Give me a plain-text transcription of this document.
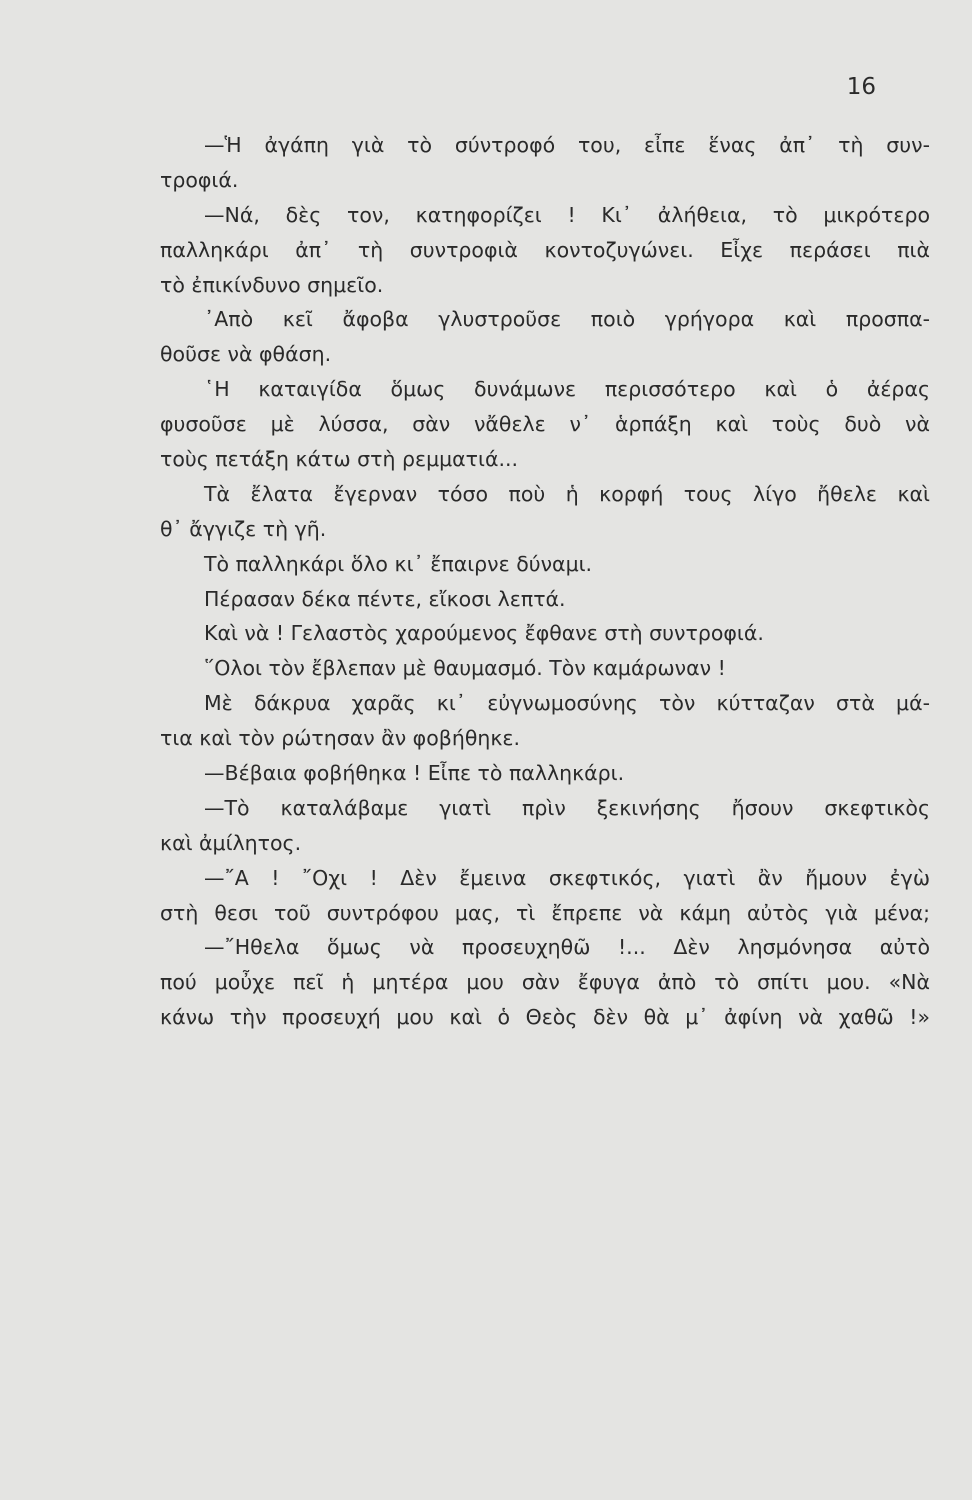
16
—Ἡ ἀγάπη γιὰ τὸ σύντροφό του, εἶπε ἕνας ἀπ᾿ τὴ συν-
τροφιά.
—Νά, δὲς τον, κατηφορίζει ! Κι᾿ ἀλήθεια, τὸ μικρότερο
παλληκάρι ἀπ᾿ τὴ συντροφιὰ κοντοζυγώνει. Εἶχε περάσει πιὰ
τὸ ἐπικίνδυνο σημεῖο.
᾿Απὸ κεῖ ἄφοβα γλυστροῦσε ποιὸ γρήγορα καὶ προσπα-
θοῦσε νὰ φθάση.
῾Η καταιγίδα ὅμως δυνάμωνε περισσότερο καὶ ὁ ἀέρας
φυσοῦσε μὲ λύσσα, σὰν νἄθελε ν᾿ ἁρπάξη καὶ τοὺς δυὸ νὰ
τοὺς πετάξη κάτω στὴ ρεμματιά...
Τὰ ἔλατα ἔγερναν τόσο ποὺ ἡ κορφή τους λίγο ἤθελε καὶ
θ᾿ ἄγγιζε τὴ γῆ.
Τὸ παλληκάρι ὅλο κι᾿ ἔπαιρνε δύναμι.
Πέρασαν δέκα πέντε, εἴκοσι λεπτά.
Καὶ νὰ ! Γελαστὸς χαρούμενος ἔφθανε στὴ συντροφιά.
῞Ολοι τὸν ἔβλεπαν μὲ θαυμασμό. Τὸν καμάρωναν !
Μὲ δάκρυα χαρᾶς κι᾿ εὐγνωμοσύνης τὸν κύτταζαν στὰ μά-
τια καὶ τὸν ρώτησαν ἂν φοβήθηκε.
—Βέβαια φοβήθηκα ! Εἶπε τὸ παλληκάρι.
—Τὸ καταλάβαμε γιατὶ πρὶν ξεκινήσης ἤσουν σκεφτικὸς
καὶ ἀμίλητος.
—῎Α ! ῎Οχι ! Δὲν ἔμεινα σκεφτικός, γιατὶ ἂν ἤμουν ἐγὼ
στὴ θεσι τοῦ συντρόφου μας, τὶ ἔπρεπε νὰ κάμη αὐτὸς γιὰ μένα;
—῎Ηθελα ὅμως νὰ προσευχηθῶ !... Δὲν λησμόνησα αὐτὸ
πού μοὖχε πεῖ ἡ μητέρα μου σὰν ἔφυγα ἀπὸ τὸ σπίτι μου. «Νὰ
κάνω τὴν προσευχή μου καὶ ὁ Θεὸς δὲν θὰ μ᾿ ἀφίνη νὰ χαθῶ !»
